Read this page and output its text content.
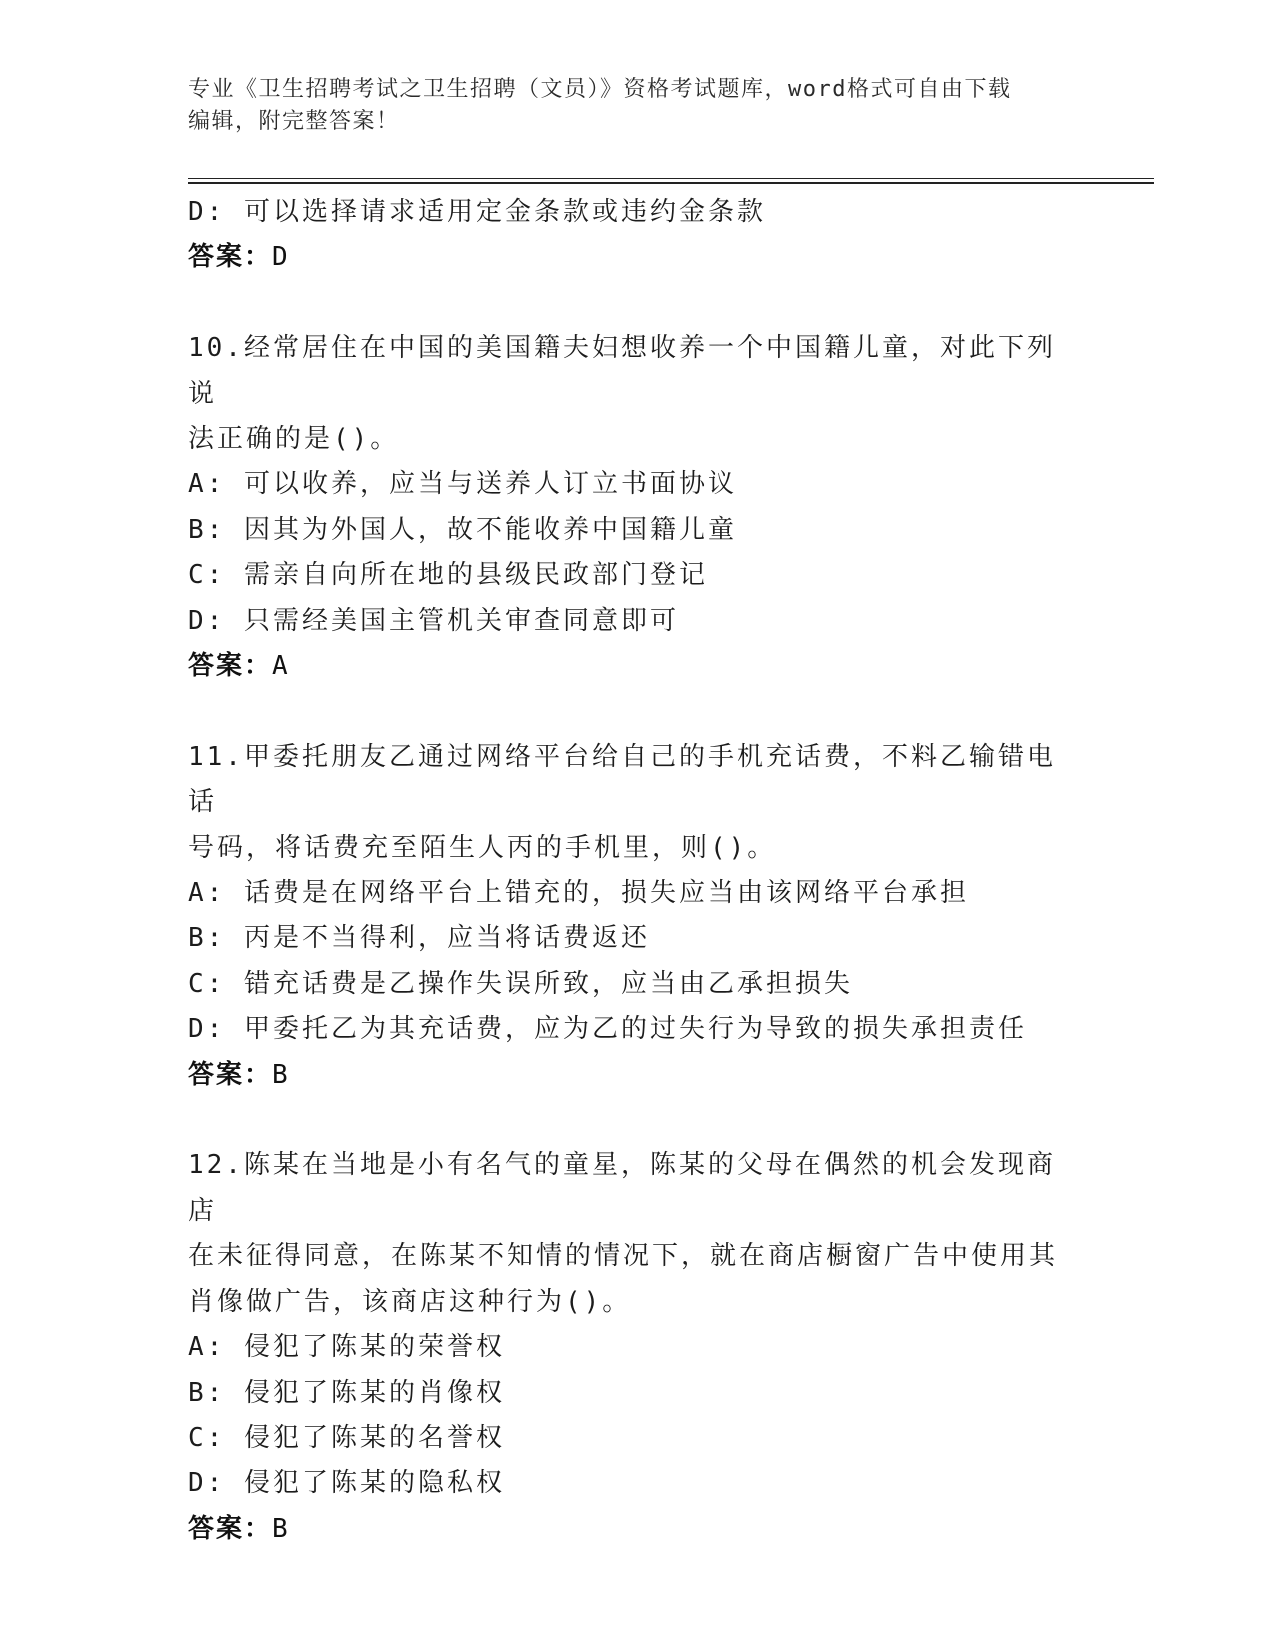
专业《卫生招聘考试之卫生招聘（文员）》资格考试题库，word格式可自由下载
编辑，附完整答案！
D: 可以选择请求适用定金条款或违约金条款
答案：D
10.经常居住在中国的美国籍夫妇想收养一个中国籍儿童，对此下列说
法正确的是()。
A: 可以收养，应当与送养人订立书面协议
B: 因其为外国人，故不能收养中国籍儿童
C: 需亲自向所在地的县级民政部门登记
D: 只需经美国主管机关审查同意即可
答案：A
11.甲委托朋友乙通过网络平台给自己的手机充话费，不料乙输错电话
号码，将话费充至陌生人丙的手机里，则()。
A: 话费是在网络平台上错充的，损失应当由该网络平台承担
B: 丙是不当得利，应当将话费返还
C: 错充话费是乙操作失误所致，应当由乙承担损失
D: 甲委托乙为其充话费，应为乙的过失行为导致的损失承担责任
答案：B
12.陈某在当地是小有名气的童星，陈某的父母在偶然的机会发现商店
在未征得同意，在陈某不知情的情况下，就在商店橱窗广告中使用其
肖像做广告，该商店这种行为()。
A: 侵犯了陈某的荣誉权
B: 侵犯了陈某的肖像权
C: 侵犯了陈某的名誉权
D: 侵犯了陈某的隐私权
答案：B
